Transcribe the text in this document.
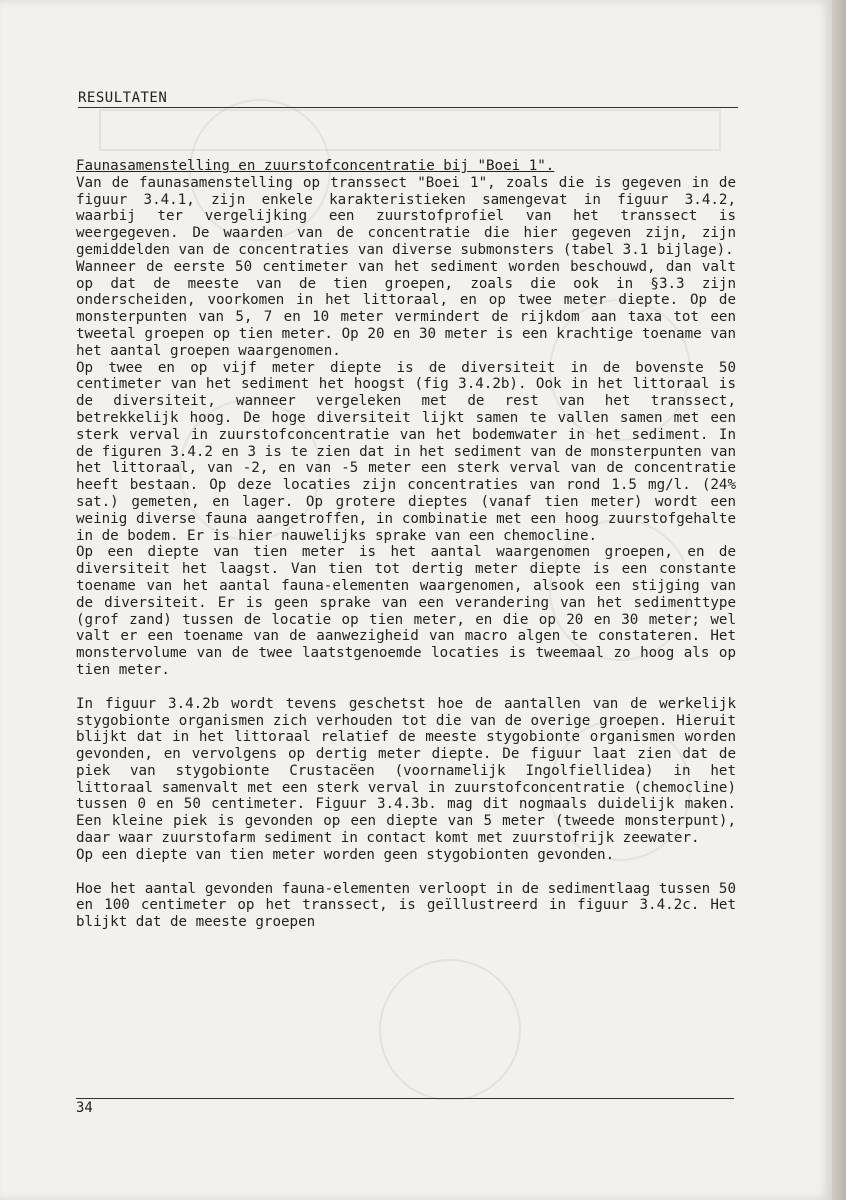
RESULTATEN

Faunasamenstelling en zuurstofconcentratie bij "Boei 1".

Van de faunasamenstelling op transsect "Boei 1", zoals die is gegeven in de figuur 3.4.1, zijn enkele karakteristieken samengevat in figuur 3.4.2, waarbij ter vergelijking een zuurstofprofiel van het transsect is weergegeven. De waarden van de concentratie die hier gegeven zijn, zijn gemiddelden van de concentraties van diverse submonsters (tabel 3.1 bijlage).

Wanneer de eerste 50 centimeter van het sediment worden beschouwd, dan valt op dat de meeste van de tien groepen, zoals die ook in §3.3 zijn onderscheiden, voorkomen in het littoraal, en op twee meter diepte. Op de monsterpunten van 5, 7 en 10 meter vermindert de rijkdom aan taxa tot een tweetal groepen op tien meter. Op 20 en 30 meter is een krachtige toename van het aantal groepen waargenomen.

Op twee en op vijf meter diepte is de diversiteit in de bovenste 50 centimeter van het sediment het hoogst (fig 3.4.2b). Ook in het littoraal is de diversiteit, wanneer vergeleken met de rest van het transsect, betrekkelijk hoog. De hoge diversiteit lijkt samen te vallen samen met een sterk verval in zuurstofconcentratie van het bodemwater in het sediment. In de figuren 3.4.2 en 3 is te zien dat in het sediment van de monsterpunten van het littoraal, van -2, en van -5 meter een sterk verval van de concentratie heeft bestaan. Op deze locaties zijn concentraties van rond 1.5 mg/l. (24% sat.) gemeten, en lager. Op grotere dieptes (vanaf tien meter) wordt een weinig diverse fauna aangetroffen, in combinatie met een hoog zuurstofgehalte in de bodem. Er is hier nauwelijks sprake van een chemocline.

Op een diepte van tien meter is het aantal waargenomen groepen, en de diversiteit het laagst. Van tien tot dertig meter diepte is een constante toename van het aantal fauna-elementen waargenomen, alsook een stijging van de diversiteit. Er is geen sprake van een verandering van het sedimenttype (grof zand) tussen de locatie op tien meter, en die op 20 en 30 meter; wel valt er een toename van de aanwezigheid van macro algen te constateren. Het monstervolume van de twee laatstgenoemde locaties is tweemaal zo hoog als op tien meter.

In figuur 3.4.2b wordt tevens geschetst hoe de aantallen van de werkelijk stygobionte organismen zich verhouden tot die van de overige groepen. Hieruit blijkt dat in het littoraal relatief de meeste stygobionte organismen worden gevonden, en vervolgens op dertig meter diepte. De figuur laat zien dat de piek van stygobionte Crustacëen (voornamelijk Ingolfiellidea) in het littoraal samenvalt met een sterk verval in zuurstofconcentratie (chemocline) tussen 0 en 50 centimeter. Figuur 3.4.3b. mag dit nogmaals duidelijk maken. Een kleine piek is gevonden op een diepte van 5 meter (tweede monsterpunt), daar waar zuurstofarm sediment in contact komt met zuurstofrijk zeewater.

Op een diepte van tien meter worden geen stygobionten gevonden.

Hoe het aantal gevonden fauna-elementen verloopt in de sedimentlaag tussen 50 en 100 centimeter op het transsect, is geïllustreerd in figuur 3.4.2c. Het blijkt dat de meeste groepen

34
